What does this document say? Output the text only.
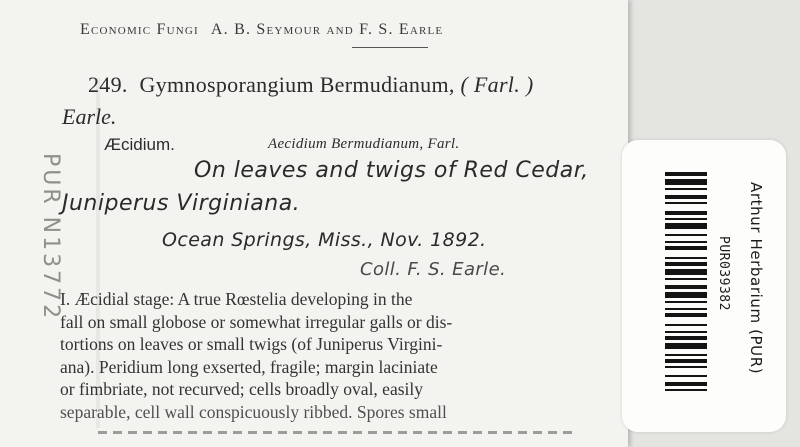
Economic Fungi A. B. Seymour and F. S. Earle
249. Gymnosporangium Bermudianum, ( Farl. )
Earle.
Æcidium.	Aecidium Bermudianum, Farl.
On leaves and twigs of Red Cedar,
Juniperus Virginiana.
Ocean Springs, Miss., Nov. 1892.
Coll. F. S. Earle.
I. Æcidial stage: A true Rœstelia developing in the
fall on small globose or somewhat irregular galls or dis-
tortions on leaves or small twigs (of Juniperus Virgini-
ana). Peridium long exserted, fragile; margin laciniate
or fimbriate, not recurved; cells broadly oval, easily
separable, cell wall conspicuously ribbed. Spores small
PUR N13772	Arthur Herbarium (PUR)
PUR039382
